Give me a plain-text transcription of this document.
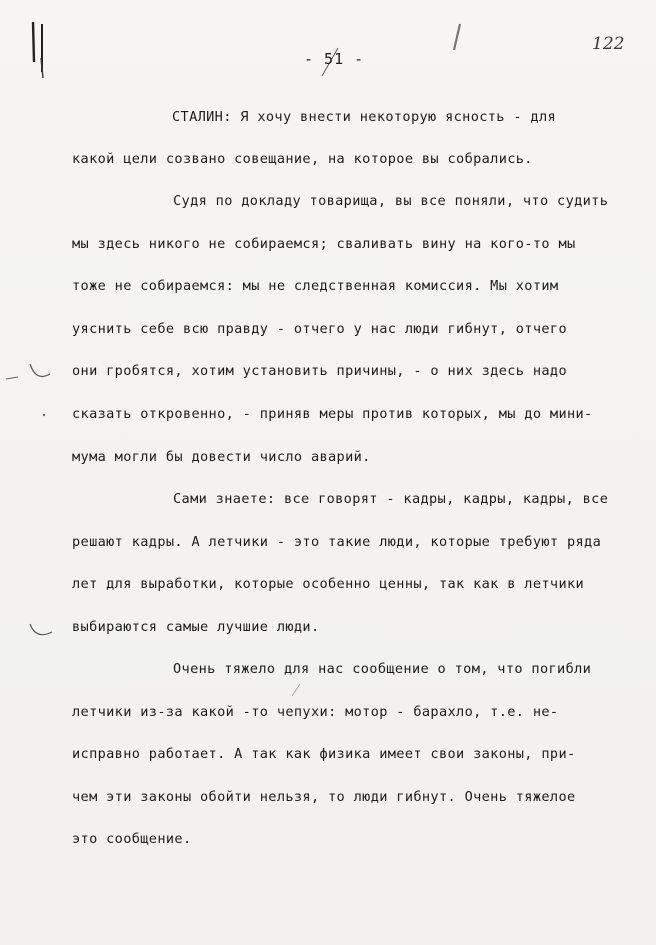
122
- 51 -
СТАЛИН: Я хочу внести некоторую ясность - для
какой цели созвано совещание, на которое вы собрались.
Судя по докладу товарища, вы все поняли, что судить
мы здесь никого не собираемся; сваливать вину на кого-то мы
тоже не собираемся: мы не следственная комиссия. Мы хотим
уяснить себе всю правду - отчего у нас люди гибнут, отчего
они гробятся, хотим установить причины, - о них здесь надо
сказать откровенно, - приняв меры против которых, мы до мини-
мума могли бы довести число аварий.
Сами знаете: все говорят - кадры, кадры, кадры, все
решают кадры. А летчики - это такие люди, которые требуют ряда
лет для выработки, которые особенно ценны, так как в летчики
выбираются самые лучшие люди.
Очень тяжело для нас сообщение о том, что погибли
летчики из-за какой -то чепухи: мотор - барахло, т.е. не-
исправно работает. А так как физика имеет свои законы, при-
чем эти законы обойти нельзя, то люди гибнут. Очень тяжелое
это сообщение.
